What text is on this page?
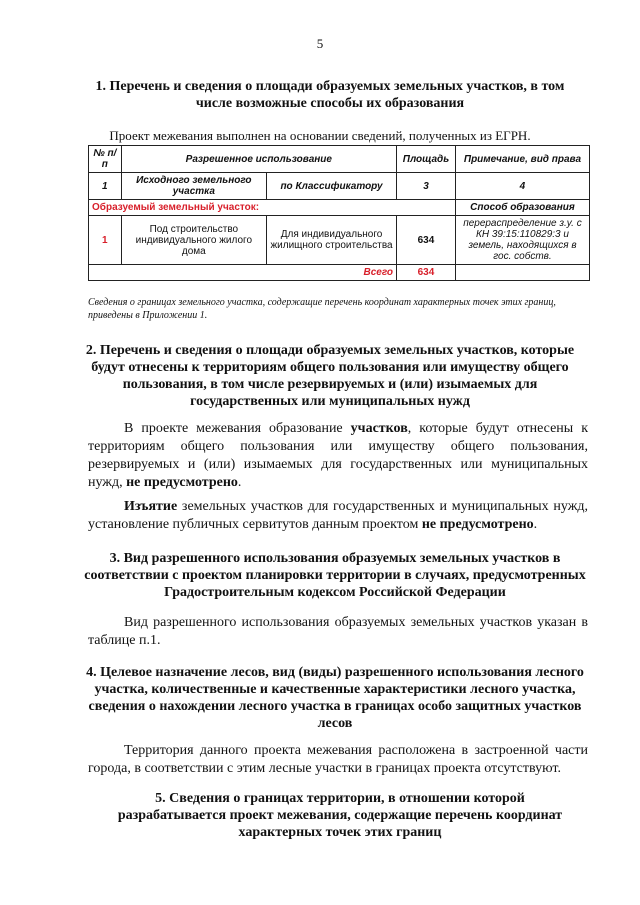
5
1. Перечень и сведения о площади образуемых земельных участков, в том
числе возможные способы их образования
Проект межевания выполнен на основании сведений, полученных из ЕГРН.
№ п/п	Разрешенное использование		Площадь	Примечание, вид права
1	Исходного земельного участка	по Классификатору	3	4
Образуемый земельный участок:				Способ образования
1	Под строительство индивидуального жилого дома	Для индивидуального жилищного строительства	634	перераспределение з.у. с КН 39:15:110829:3 и земель, находящихся в гос. собств.
Всего			634	
Сведения о границах земельного участка, содержащие перечень координат характерных точек этих границ, приведены в Приложении 1.
2. Перечень и сведения о площади образуемых земельных участков, которые будут отнесены к территориям общего пользования или имуществу общего пользования, в том числе резервируемых и (или) изымаемых для государственных или муниципальных нужд
В проекте межевания образование участков, которые будут отнесены к территориям общего пользования или имуществу общего пользования, резервируемых и (или) изымаемых для государственных или муниципальных нужд, не предусмотрено.
Изъятие земельных участков для государственных и муниципальных нужд, установление публичных сервитутов данным проектом не предусмотрено.
3. Вид разрешенного использования образуемых земельных участков в соответствии с проектом планировки территории в случаях, предусмотренных Градостроительным кодексом Российской Федерации
Вид разрешенного использования образуемых земельных участков указан в таблице п.1.
4. Целевое назначение лесов, вид (виды) разрешенного использования лесного участка, количественные и качественные характеристики лесного участка, сведения о нахождении лесного участка в границах особо защитных участков лесов
Территория данного проекта межевания расположена в застроенной части города, в соответствии с этим лесные участки в границах проекта отсутствуют.
5. Сведения о границах территории, в отношении которой разрабатывается проект межевания, содержащие перечень координат характерных точек этих границ
